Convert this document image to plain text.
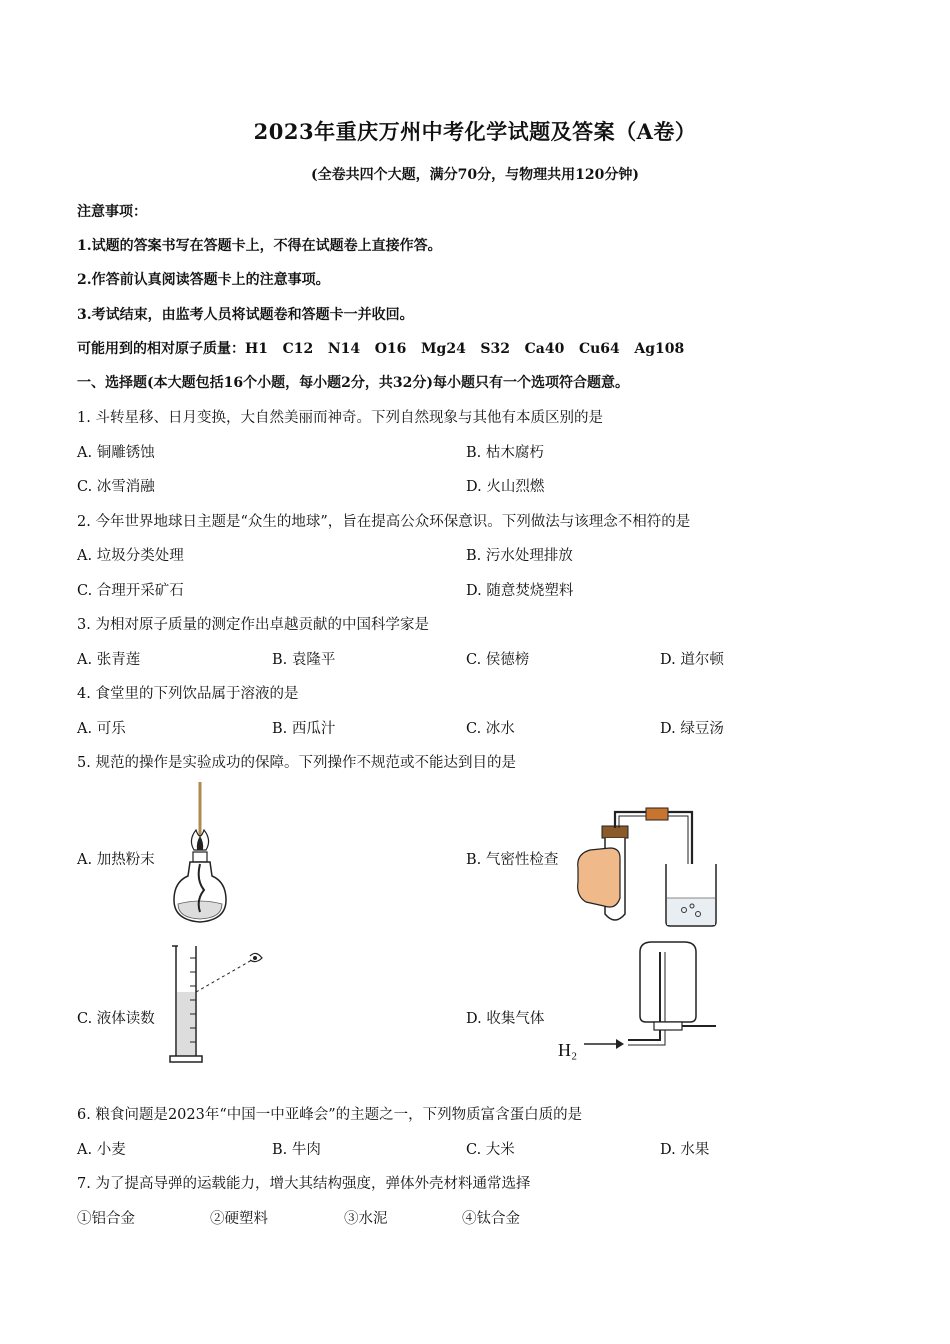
2023年重庆万州中考化学试题及答案（A卷）
(全卷共四个大题，满分70分，与物理共用120分钟)
注意事项：
1.试题的答案书写在答题卡上，不得在试题卷上直接作答。
2.作答前认真阅读答题卡上的注意事项。
3.考试结束，由监考人员将试题卷和答题卡一并收回。
可能用到的相对原子质量：H1   C12   N14   O16   Mg24   S32   Ca40   Cu64   Ag108
一、选择题(本大题包括16个小题，每小题2分，共32分)每小题只有一个选项符合题意。
1. 斗转星移、日月变换，大自然美丽而神奇。下列自然现象与其他有本质区别的是
A. 铜雕锈蚀	B. 枯木腐朽
C. 冰雪消融	D. 火山烈燃
2. 今年世界地球日主题是“众生的地球”，旨在提高公众环保意识。下列做法与该理念不相符的是
A. 垃圾分类处理	B. 污水处理排放
C. 合理开采矿石	D. 随意焚烧塑料
3. 为相对原子质量的测定作出卓越贡献的中国科学家是
A. 张青莲	B. 袁隆平	C. 侯德榜	D. 道尔顿
4. 食堂里的下列饮品属于溶液的是
A. 可乐	B. 西瓜汁	C. 冰水	D. 绿豆汤
5. 规范的操作是实验成功的保障。下列操作不规范或不能达到目的是
A. 加热粉末	B. 气密性检查
C. 液体读数	D. 收集气体
H₂
6. 粮食问题是2023年“中国一中亚峰会”的主题之一，下列物质富含蛋白质的是
A. 小麦	B. 牛肉	C. 大米	D. 水果
7. 为了提高导弹的运载能力，增大其结构强度，弹体外壳材料通常选择
①铝合金	②硬塑料	③水泥	④钛合金
